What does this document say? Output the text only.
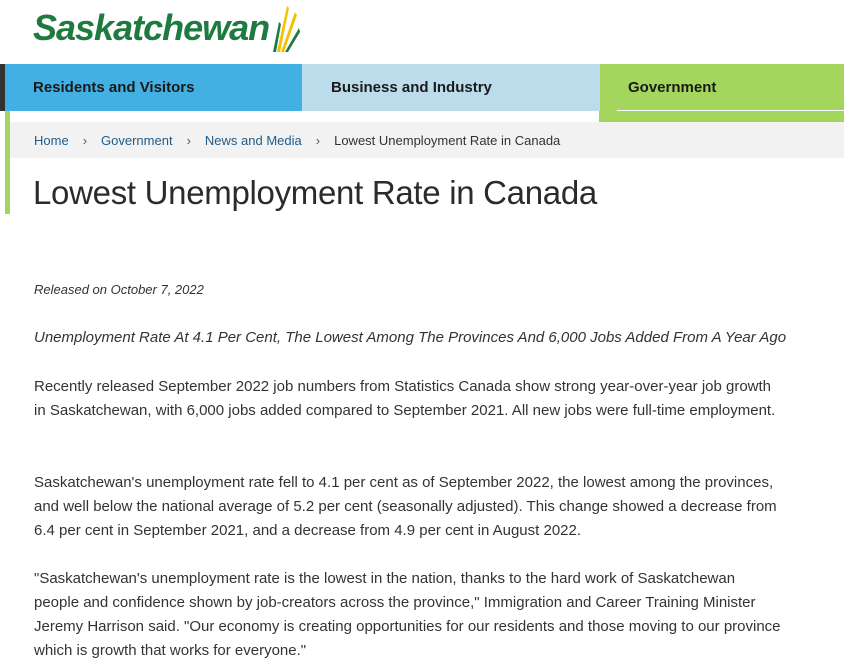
Saskatchewan
Residents and Visitors	Business and Industry	Government
Home › Government › News and Media › Lowest Unemployment Rate in Canada
Lowest Unemployment Rate in Canada
Released on October 7, 2022
Unemployment Rate At 4.1 Per Cent, The Lowest Among The Provinces And 6,000 Jobs Added From A Year Ago

Recently released September 2022 job numbers from Statistics Canada show strong year-over-year job growth in Saskatchewan, with 6,000 jobs added compared to September 2021. All new jobs were full-time employment.

Saskatchewan's unemployment rate fell to 4.1 per cent as of September 2022, the lowest among the provinces, and well below the national average of 5.2 per cent (seasonally adjusted). This change showed a decrease from 6.4 per cent in September 2021, and a decrease from 4.9 per cent in August 2022.

"Saskatchewan's unemployment rate is the lowest in the nation, thanks to the hard work of Saskatchewan people and confidence shown by job-creators across the province," Immigration and Career Training Minister Jeremy Harrison said. "Our economy is creating opportunities for our residents and those moving to our province which is growth that works for everyone."
